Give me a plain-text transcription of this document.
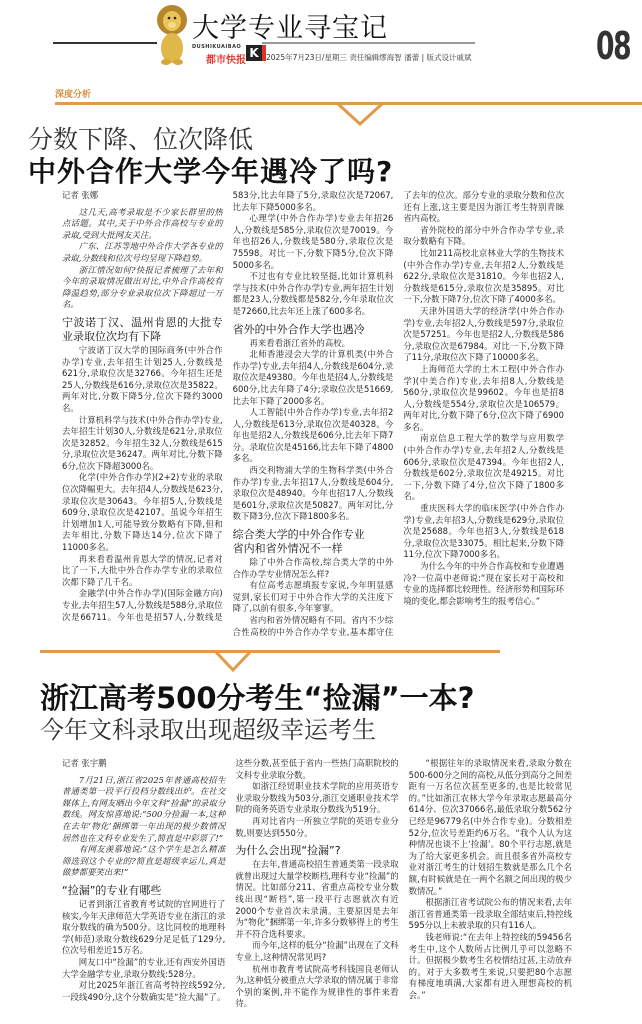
大学专业寻宝记
DUSHIKUAIBAO
都市快报
K 2025年7月23日/星期三 责任编辑缪海智 潘蕾 | 版式设计戚斌	08
深度分析
分数下降、位次降低
中外合作大学今年遇冷了吗?

记者 张娜

这几天,高考录取是不少家长群里的热点话题。其中,关于中外合作高校与专业的录取,受到大批网友关注。

广东、江苏等地中外合作大学各专业的录取,分数线和位次号均呈现下降趋势。

浙江情况如何?快报记者梳理了去年和今年的录取情况做出对比,中外合作高校有降温趋势,部分专业录取位次下降超过一万名。

宁波诺丁汉、温州肯恩的大批专业录取位次均有下降

宁波诺丁汉大学的国际商务(中外合作办学)专业,去年招生计划25人,分数线是621分,录取位次是32766。今年招生还是25人,分数线是616分,录取位次是35822。两年对比,分数下降5分,位次下降约3000名。

计算机科学与技术(中外合作办学)专业,去年招生计划30人,分数线是621分,录取位次是32852。今年招生32人,分数线是615分,录取位次是36247。两年对比,分数下降6分,位次下降超3000名。

化学(中外合作办学)(2+2)专业的录取位次降幅更大。去年招4人,分数线是623分,录取位次是30643。今年招5人,分数线是609分,录取位次是42107。虽说今年招生计划增加1人,可能导致分数略有下降,但和去年相比,分数下降达14分,位次下降了11000多名。

再来看看温州肯恩大学的情况,记者对比了一下,大批中外合作办学专业的录取位次都下降了几千名。

金融学(中外合作办学)(国际金融方向)专业,去年招生57人,分数线是588分,录取位次是66711。今年也是招57人,分数线是583分,比去年降了5分,录取位次是72067,比去年下降5000多名。

心理学(中外合作办学)专业去年招26人,分数线是585分,录取位次是70019。今年也招26人,分数线是580分,录取位次是75598。对比一下,分数下降5分,位次下降5000多名。

不过也有专业比较坚挺,比如计算机科学与技术(中外合作办学)专业,两年招生计划都是23人,分数线都是582分,今年录取位次是72660,比去年还上涨了600多名。

省外的中外合作大学也遇冷

再来看看浙江省外的高校。

北师香港浸会大学的计算机类(中外合作办学)专业,去年招4人,分数线是604分,录取位次是49380。今年也是招4人,分数线是600分,比去年降了4分;录取位次是51669,比去年下降了2000多名。

人工智能(中外合作办学)专业,去年招2人,分数线是613分,录取位次是40328。今年也是招2人,分数线是606分,比去年下降7分。录取位次是45166,比去年下降了4800多名。

西交利物浦大学的生物科学类(中外合作办学)专业,去年招17人,分数线是604分,录取位次是48940。今年也招17人,分数线是601分,录取位次是50827。两年对比,分数下降3分,位次下降1800多名。

综合类大学的中外合作专业
省内和省外情况不一样

除了中外合作高校,综合类大学的中外合作办学专业情况怎么样?

有位高考志愿填报专家说,今年明显感觉到,家长们对于中外合作大学的关注度下降了,以前有很多,今年寥寥。

省内和省外情况略有不同。省内不少综合性高校的中外合作办学专业,基本都守住了去年的位次。部分专业的录取分数和位次还有上涨,这主要是因为浙江考生特别青睐省内高校。

省外院校的部分中外合作办学专业,录取分数略有下降。

比如211高校北京林业大学的生物技术(中外合作办学)专业,去年招2人,分数线是622分,录取位次是31810。今年也招2人,分数线是615分,录取位次是35895。对比一下,分数下降7分,位次下降了4000多名。

天津外国语大学的经济学(中外合作办学)专业,去年招2人,分数线是597分,录取位次是57251。今年也是招2人,分数线是586分,录取位次是67984。对比一下,分数下降了11分,录取位次下降了10000多名。

上海师范大学的土木工程(中外合作办学)(中美合作)专业,去年招8人,分数线是560分,录取位次是99602。今年也是招8人,分数线是554分,录取位次是106579。两年对比,分数下降了6分,位次下降了6900多名。

南京信息工程大学的数学与应用数学(中外合作办学)专业,去年招2人,分数线是606分,录取位次是47394。今年也招2人,分数线是602分,录取位次是49215。对比一下,分数下降了4分,位次下降了1800多名。

重庆医科大学的临床医学(中外合作办学)专业,去年招3人,分数线是629分,录取位次是25688。今年也招3人,分数线是618分,录取位次是33075。相比起来,分数下降11分,位次下降7000多名。

为什么今年的中外合作高校和专业遭遇冷?一位高中老师说:“现在家长对于高校和专业的选择都比较理性。经济形势和国际环境的变化,都会影响考生的报考信心。”

浙江高考500分考生“捡漏”一本?
今年文科录取出现超级幸运考生

记者 张宇鹏

7月21日,浙江省2025年普通高校招生普通类第一段平行投档分数线出炉。在社交媒体上,有网友晒出今年文科“捡漏”的录取分数线。网友惊喜地说:“500分捡漏一本,这种在去年‘物化’捆绑第一年出现的极少数情况居然也在文科专业发生了,简直是中彩票了!”

有网友羡慕地说:“这个学生是怎么精准筛选到这个专业的?简直是超级幸运儿,真是做梦都要笑出来!”

“捡漏”的专业有哪些

记者到浙江省教育考试院的官网进行了核实,今年天津师范大学英语专业在浙江的录取分数线的确为500分。这比同校的地理科学(师范)录取分数线629分足足低了129分,位次号相差近15万名。

网友口中“捡漏”的专业,还有西安外国语大学金融学专业,录取分数线:528分。

对比2025年浙江省高考特控线592分,一段线490分,这个分数确实是“捡大漏”了。这些分数,甚至低于省内一些热门高职院校的文科专业录取分数。

如浙江经贸职业技术学院的应用英语专业录取分数线为503分,浙江交通职业技术学院的商务英语专业录取分数线为519分。

再对比省内一所独立学院的英语专业分数,则要达到550分。

为什么会出现“捡漏”?

在去年,普通高校招生普通类第一段录取就曾出现过大量学校断档,理科专业“捡漏”的情况。比如部分211、省重点高校专业分数线出现“断档”,第一段平行志愿就次有近2000个专业首次未录满。主要原因是去年为“物化”捆绑第一年,许多分数够得上的考生并不符合选科要求。

而今年,这样的低分“捡漏”出现在了文科专业上,这种情况常见吗?

杭州市教育考试院高考科钱国良老师认为,这种低分被重点大学录取的情况属于非常个别的案例,并不能作为规律性的事件来看待。

“根据往年的录取情况来看,录取分数在500-600分之间的高校,从低分到高分之间差距有一万名位次甚至更多的,也是比较常见的。”比如浙江农林大学今年录取志愿最高分614分、位次37066名,最低录取分数562分已经是96779名(中外合作专业)。分数相差52分,位次号差距约6万名。“我个人认为这种情况也谈不上‘捡漏’。80个平行志愿,就是为了给大家更多机会。而且很多省外高校专业对浙江考生的计划招生数就是那么几个名额,有时候就是在一两个名额之间出现的极少数情况。”

根据浙江省考试院公布的情况来看,去年浙江省普通类第一段录取全部结束后,特控线595分以上未被录取的只有116人。

钱老师说:“在去年上特控线的59456名考生中,这个人数所占比例几乎可以忽略不计。但据极少数考生名校情结过甚,主动放弃的。对于大多数考生来说,只要把80个志愿有梯度地填满,大家都有进入理想高校的机会。”
